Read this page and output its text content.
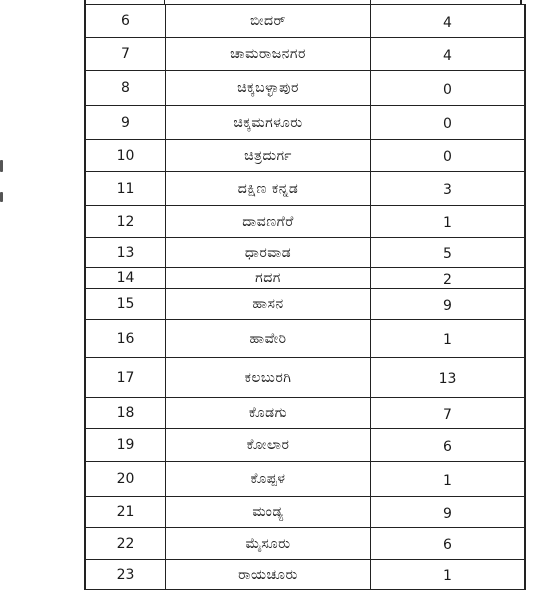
6	ಬೀದರ್	4
7	ಚಾಮರಾಜನಗರ	4
8	ಚಿಕ್ಕಬಳ್ಳಾಪುರ	0
9	ಚಿಕ್ಕಮಗಳೂರು	0
10	ಚಿತ್ರದುರ್ಗ	0
11	ದಕ್ಷಿಣ ಕನ್ನಡ	3
12	ದಾವಣಗೆರೆ	1
13	ಧಾರವಾಡ	5
14	ಗದಗ	2
15	ಹಾಸನ	9
16	ಹಾವೇರಿ	1
17	ಕಲಬುರಗಿ	13
18	ಕೊಡಗು	7
19	ಕೋಲಾರ	6
20	ಕೊಪ್ಪಳ	1
21	ಮಂಡ್ಯ	9
22	ಮೈಸೂರು	6
23	ರಾಯಚೂರು	1
